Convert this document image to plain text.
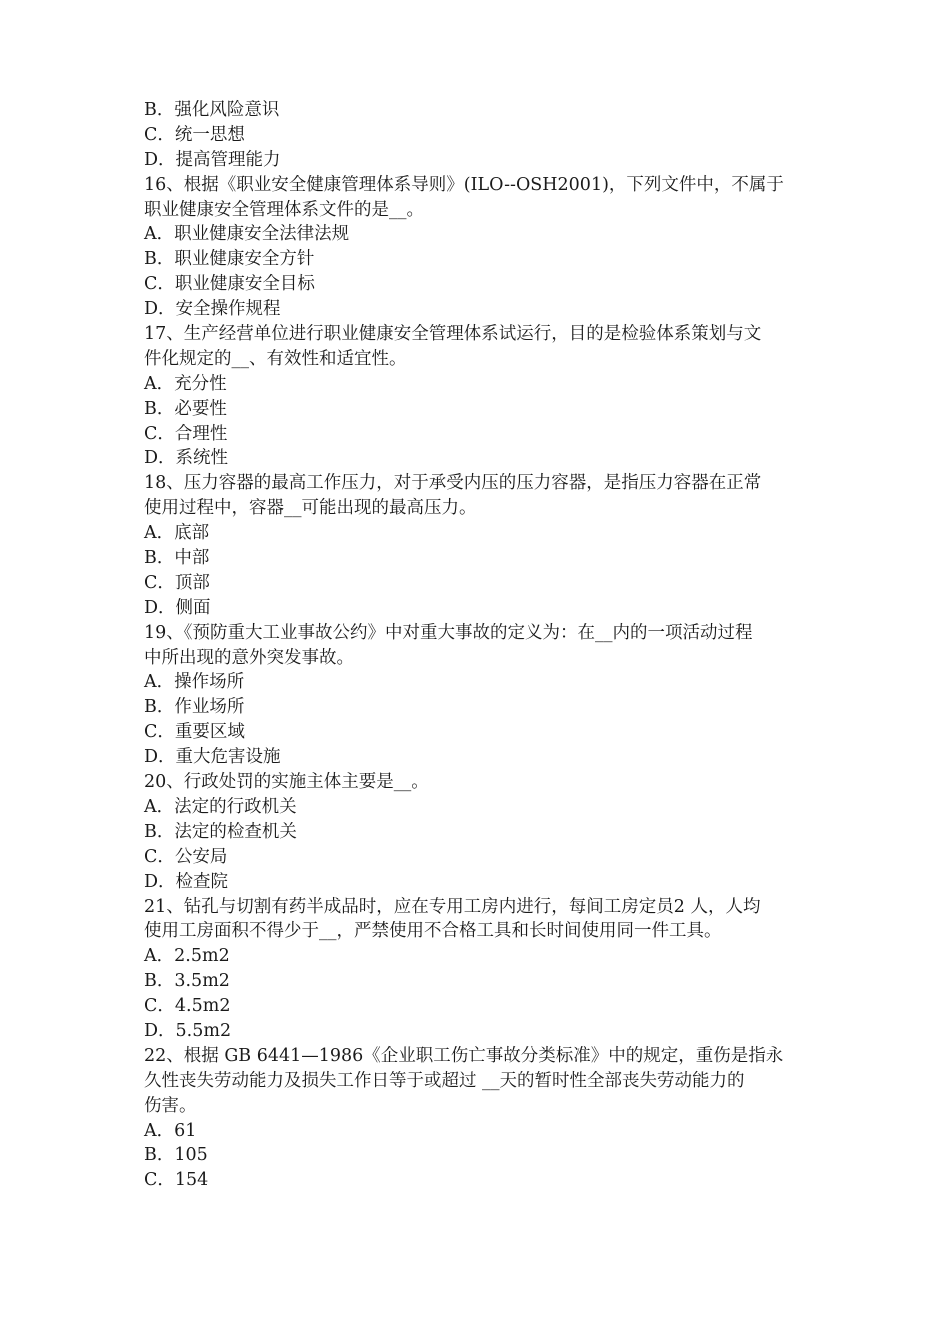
B．强化风险意识
C．统一思想
D．提高管理能力
16、根据《职业安全健康管理体系导则》(ILO--OSH2001)，下列文件中，不属于
职业健康安全管理体系文件的是__。
A．职业健康安全法律法规
B．职业健康安全方针
C．职业健康安全目标
D．安全操作规程
17、生产经营单位进行职业健康安全管理体系试运行，目的是检验体系策划与文
件化规定的__、有效性和适宜性。
A．充分性
B．必要性
C．合理性
D．系统性
18、压力容器的最高工作压力，对于承受内压的压力容器，是指压力容器在正常
使用过程中，容器__可能出现的最高压力。
A．底部
B．中部
C．顶部
D．侧面
19、《预防重大工业事故公约》中对重大事故的定义为：在__内的一项活动过程
中所出现的意外突发事故。
A．操作场所
B．作业场所
C．重要区域
D．重大危害设施
20、行政处罚的实施主体主要是__。
A．法定的行政机关
B．法定的检查机关
C．公安局
D．检查院
21、钻孔与切割有药半成品时，应在专用工房内进行，每间工房定员2 人，人均
使用工房面积不得少于__，严禁使用不合格工具和长时间使用同一件工具。
A．2.5m2
B．3.5m2
C．4.5m2
D．5.5m2
22、根据 GB 6441—1986《企业职工伤亡事故分类标准》中的规定，重伤是指永
久性丧失劳动能力及损失工作日等于或超过 __天的暂时性全部丧失劳动能力的
伤害。
A．61
B．105
C．154
